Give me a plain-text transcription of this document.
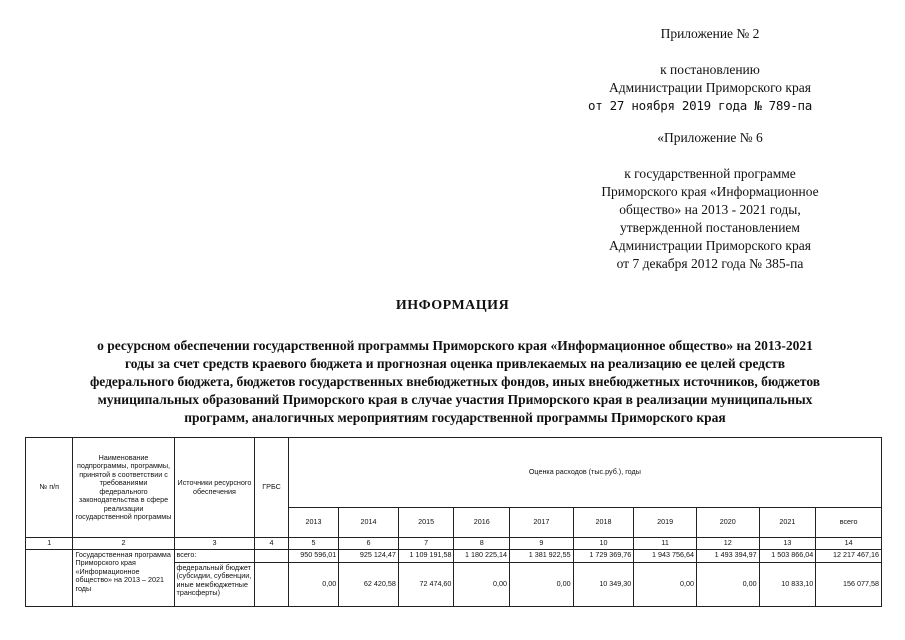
Приложение № 2
к постановлению
Администрации Приморского края
от 27 ноября 2019 года № 789-па
«Приложение № 6
к государственной программе
Приморского края «Информационное
общество» на 2013 - 2021 годы,
утвержденной постановлением
Администрации Приморского края
от 7 декабря 2012 года № 385-па
ИНФОРМАЦИЯ
о ресурсном обеспечении государственной программы Приморского края «Информационное общество» на 2013-2021
годы за счет средств краевого бюджета и прогнозная оценка привлекаемых на реализацию ее целей средств
федерального бюджета, бюджетов государственных внебюджетных фондов, иных внебюджетных источников, бюджетов
муниципальных образований Приморского края в случае участия Приморского края в реализации муниципальных
программ, аналогичных мероприятиям государственной программы Приморского края
№ п/п	Наименование подпрограммы, программы, принятой в соответствии с требованиями федерального законодательства в сфере реализации государственной программы	Источники ресурсного обеспечения	ГРБС	Оценка расходов (тыс.руб.), годы									
				2013	2014	2015	2016	2017	2018	2019	2020	2021	всего
1	2	3	4	5	6	7	8	9	10	11	12	13	14
	Государственная программа Приморского края «Информационное общество» на 2013 – 2021 годы	всего:		950 596,01	925 124,47	1 109 191,58	1 180 225,14	1 381 922,55	1 729 369,76	1 943 756,64	1 493 394,97	1 503 866,04	12 217 467,16
		федеральный бюджет (субсидии, субвенции, иные межбюджетные трансферты)		0,00	62 420,58	72 474,60	0,00	0,00	10 349,30	0,00	0,00	10 833,10	156 077,58
